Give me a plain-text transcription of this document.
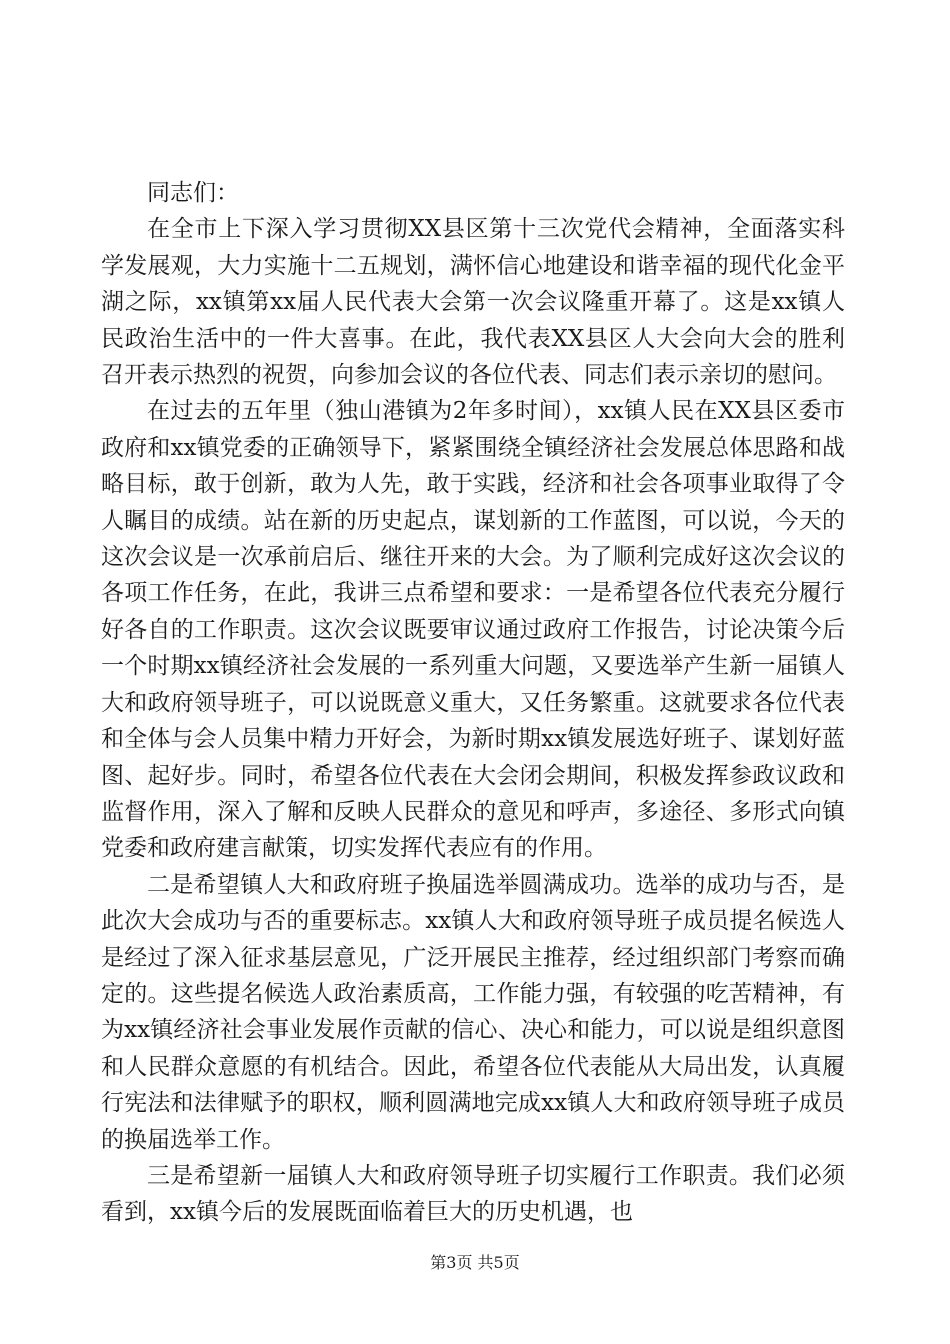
同志们：

在全市上下深入学习贯彻XX县区第十三次党代会精神，全面落实科学发展观，大力实施十二五规划，满怀信心地建设和谐幸福的现代化金平湖之际，xx镇第xx届人民代表大会第一次会议隆重开幕了。这是xx镇人民政治生活中的一件大喜事。在此，我代表XX县区人大会向大会的胜利召开表示热烈的祝贺，向参加会议的各位代表、同志们表示亲切的慰问。

在过去的五年里（独山港镇为2年多时间），xx镇人民在XX县区委市政府和xx镇党委的正确领导下，紧紧围绕全镇经济社会发展总体思路和战略目标，敢于创新，敢为人先，敢于实践，经济和社会各项事业取得了令人瞩目的成绩。站在新的历史起点，谋划新的工作蓝图，可以说，今天的这次会议是一次承前启后、继往开来的大会。为了顺利完成好这次会议的各项工作任务，在此，我讲三点希望和要求：一是希望各位代表充分履行好各自的工作职责。这次会议既要审议通过政府工作报告，讨论决策今后一个时期xx镇经济社会发展的一系列重大问题，又要选举产生新一届镇人大和政府领导班子，可以说既意义重大，又任务繁重。这就要求各位代表和全体与会人员集中精力开好会，为新时期xx镇发展选好班子、谋划好蓝图、起好步。同时，希望各位代表在大会闭会期间，积极发挥参政议政和监督作用，深入了解和反映人民群众的意见和呼声，多途径、多形式向镇党委和政府建言献策，切实发挥代表应有的作用。

二是希望镇人大和政府班子换届选举圆满成功。选举的成功与否，是此次大会成功与否的重要标志。xx镇人大和政府领导班子成员提名候选人是经过了深入征求基层意见，广泛开展民主推荐，经过组织部门考察而确定的。这些提名候选人政治素质高，工作能力强，有较强的吃苦精神，有为xx镇经济社会事业发展作贡献的信心、决心和能力，可以说是组织意图和人民群众意愿的有机结合。因此，希望各位代表能从大局出发，认真履行宪法和法律赋予的职权，顺利圆满地完成xx镇人大和政府领导班子成员的换届选举工作。

三是希望新一届镇人大和政府领导班子切实履行工作职责。我们必须看到，xx镇今后的发展既面临着巨大的历史机遇，也

第3页 共5页
